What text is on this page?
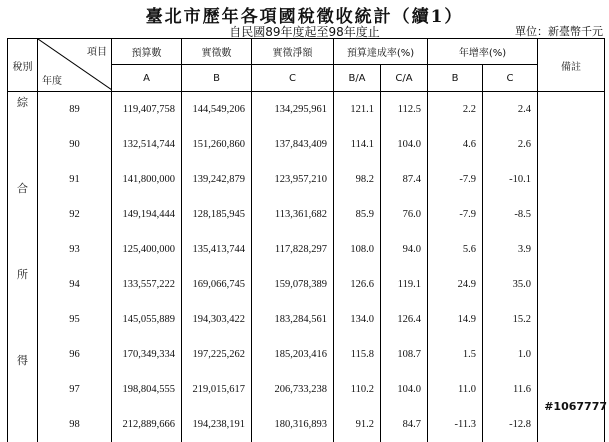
臺北市歷年各項國稅徵收統計（續1）
自民國89年度起至98年度止	單位：新臺幣千元
稅別	項目
年度	預算數	實徵數	實徵淨額	預算達成率(%)		年增率(%)		備註
		A	B	C	B/A	C/A	B	C	

綜
合
所
得	89	119,407,758	144,549,206	134,295,961	121.1	112.5	2.2	2.4	
	90	132,514,744	151,260,860	137,843,409	114.1	104.0	4.6	2.6	
	91	141,800,000	139,242,879	123,957,210	98.2	87.4	-7.9	-10.1	
	92	149,194,444	128,185,945	113,361,682	85.9	76.0	-7.9	-8.5	
	93	125,400,000	135,413,744	117,828,297	108.0	94.0	5.6	3.9	
	94	133,557,222	169,066,745	159,078,389	126.6	119.1	24.9	35.0	
	95	145,055,889	194,303,422	183,284,561	134.0	126.4	14.9	15.2	
	96	170,349,334	197,225,262	185,203,416	115.8	108.7	1.5	1.0	
	97	198,804,555	219,015,617	206,733,238	110.2	104.0	11.0	11.6	
	98	212,889,666	194,238,191	180,316,893	91.2	84.7	-11.3	-12.8	
#1067777
